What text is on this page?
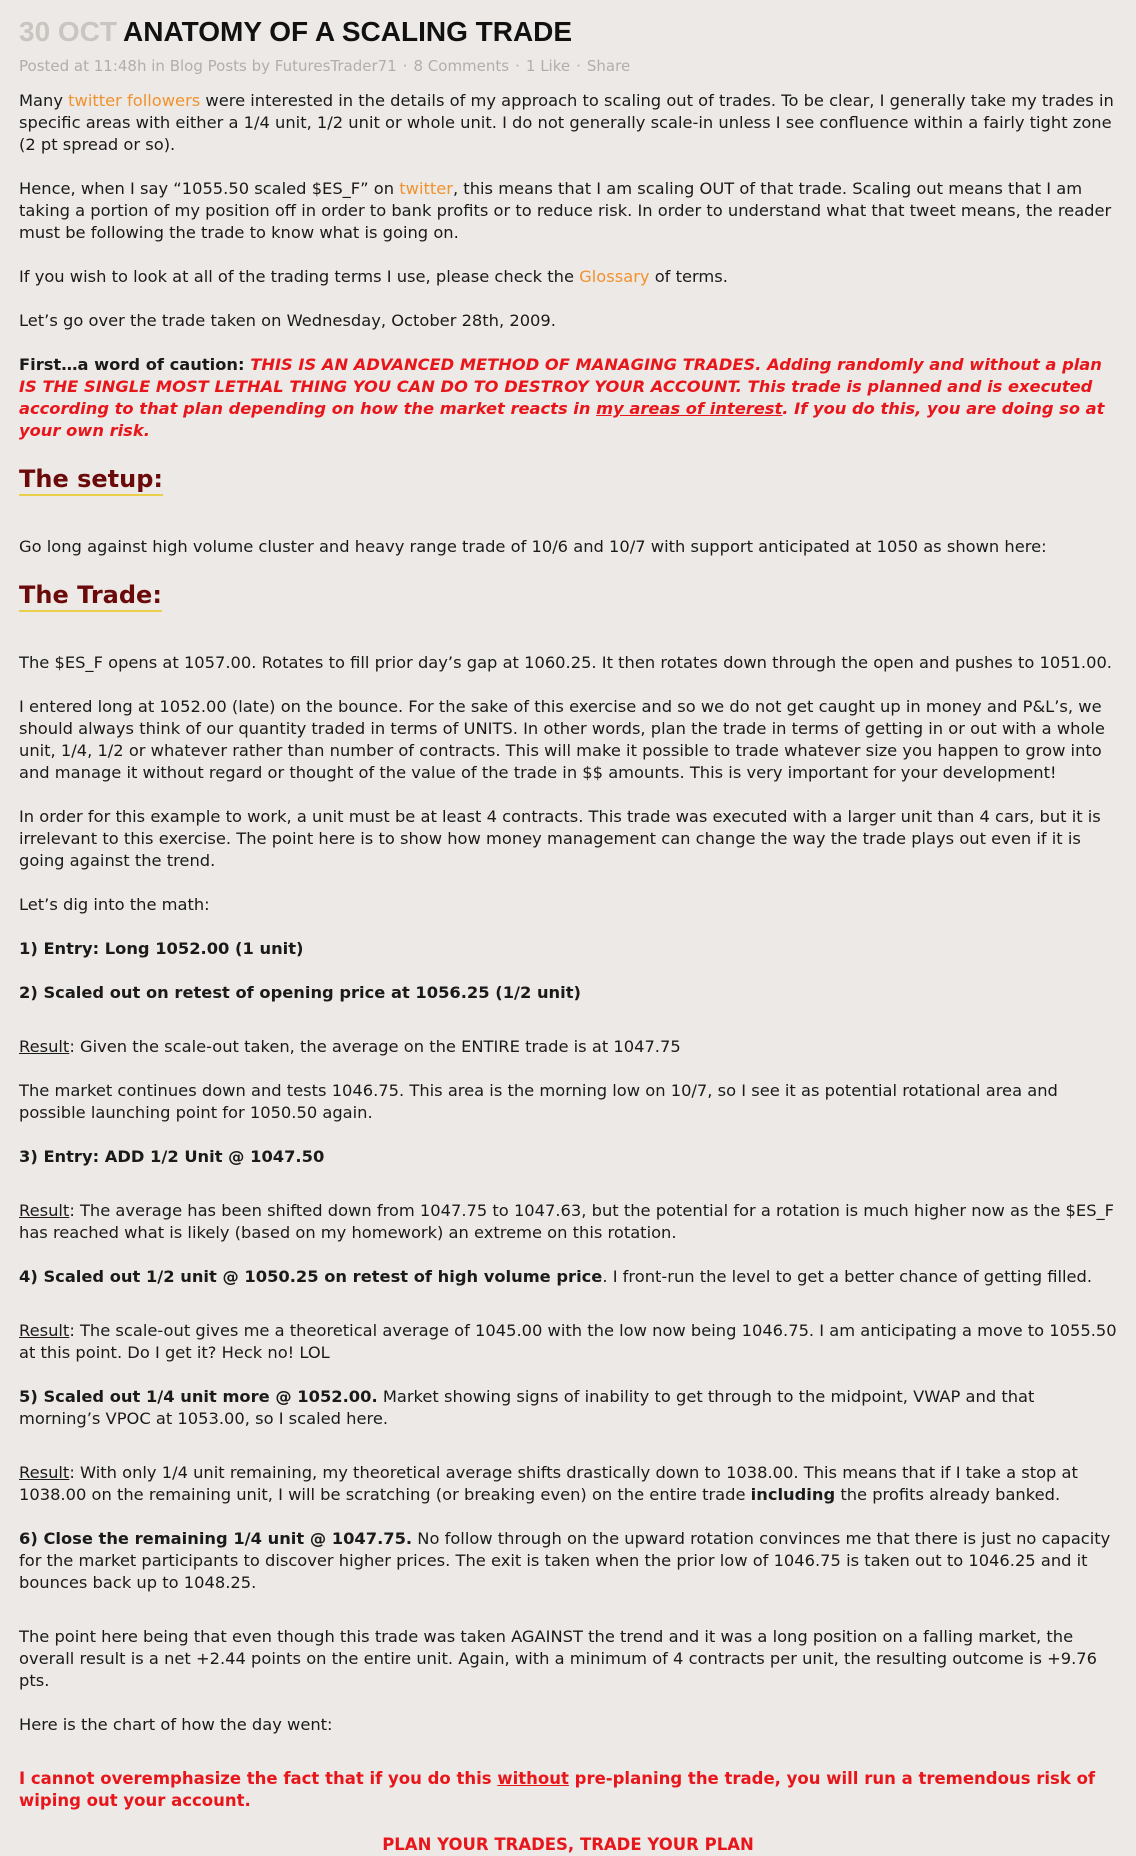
30 OCT ANATOMY OF A SCALING TRADE
Posted at 11:48h in Blog Posts by FuturesTrader71 · 8 Comments · 1 Like · Share

Many twitter followers were interested in the details of my approach to scaling out of trades. To be clear, I generally take my trades in specific areas with either a 1/4 unit, 1/2 unit or whole unit. I do not generally scale-in unless I see confluence within a fairly tight zone (2 pt spread or so).

Hence, when I say “1055.50 scaled $ES_F” on twitter, this means that I am scaling OUT of that trade. Scaling out means that I am taking a portion of my position off in order to bank profits or to reduce risk. In order to understand what that tweet means, the reader must be following the trade to know what is going on.

If you wish to look at all of the trading terms I use, please check the Glossary of terms.

Let’s go over the trade taken on Wednesday, October 28th, 2009.

First…a word of caution: THIS IS AN ADVANCED METHOD OF MANAGING TRADES. Adding randomly and without a plan IS THE SINGLE MOST LETHAL THING YOU CAN DO TO DESTROY YOUR ACCOUNT. This trade is planned and is executed according to that plan depending on how the market reacts in my areas of interest. If you do this, you are doing so at your own risk.

The setup:

Go long against high volume cluster and heavy range trade of 10/6 and 10/7 with support anticipated at 1050 as shown here:

The Trade:

The $ES_F opens at 1057.00. Rotates to fill prior day’s gap at 1060.25. It then rotates down through the open and pushes to 1051.00.

I entered long at 1052.00 (late) on the bounce. For the sake of this exercise and so we do not get caught up in money and P&L’s, we should always think of our quantity traded in terms of UNITS. In other words, plan the trade in terms of getting in or out with a whole unit, 1/4, 1/2 or whatever rather than number of contracts. This will make it possible to trade whatever size you happen to grow into and manage it without regard or thought of the value of the trade in $$ amounts. This is very important for your development!

In order for this example to work, a unit must be at least 4 contracts. This trade was executed with a larger unit than 4 cars, but it is irrelevant to this exercise. The point here is to show how money management can change the way the trade plays out even if it is going against the trend.

Let’s dig into the math:

1) Entry: Long 1052.00 (1 unit)

2) Scaled out on retest of opening price at 1056.25 (1/2 unit)

Result: Given the scale-out taken, the average on the ENTIRE trade is at 1047.75

The market continues down and tests 1046.75. This area is the morning low on 10/7, so I see it as potential rotational area and possible launching point for 1050.50 again.

3) Entry: ADD 1/2 Unit @ 1047.50

Result: The average has been shifted down from 1047.75 to 1047.63, but the potential for a rotation is much higher now as the $ES_F has reached what is likely (based on my homework) an extreme on this rotation.

4) Scaled out 1/2 unit @ 1050.25 on retest of high volume price. I front-run the level to get a better chance of getting filled.

Result: The scale-out gives me a theoretical average of 1045.00 with the low now being 1046.75. I am anticipating a move to 1055.50 at this point. Do I get it? Heck no! LOL

5) Scaled out 1/4 unit more @ 1052.00. Market showing signs of inability to get through to the midpoint, VWAP and that morning’s VPOC at 1053.00, so I scaled here.

Result: With only 1/4 unit remaining, my theoretical average shifts drastically down to 1038.00. This means that if I take a stop at 1038.00 on the remaining unit, I will be scratching (or breaking even) on the entire trade including the profits already banked.

6) Close the remaining 1/4 unit @ 1047.75. No follow through on the upward rotation convinces me that there is just no capacity for the market participants to discover higher prices. The exit is taken when the prior low of 1046.75 is taken out to 1046.25 and it bounces back up to 1048.25.

The point here being that even though this trade was taken AGAINST the trend and it was a long position on a falling market, the overall result is a net +2.44 points on the entire unit. Again, with a minimum of 4 contracts per unit, the resulting outcome is +9.76 pts.

Here is the chart of how the day went:

I cannot overemphasize the fact that if you do this without pre-planing the trade, you will run a tremendous risk of wiping out your account.

PLAN YOUR TRADES, TRADE YOUR PLAN
